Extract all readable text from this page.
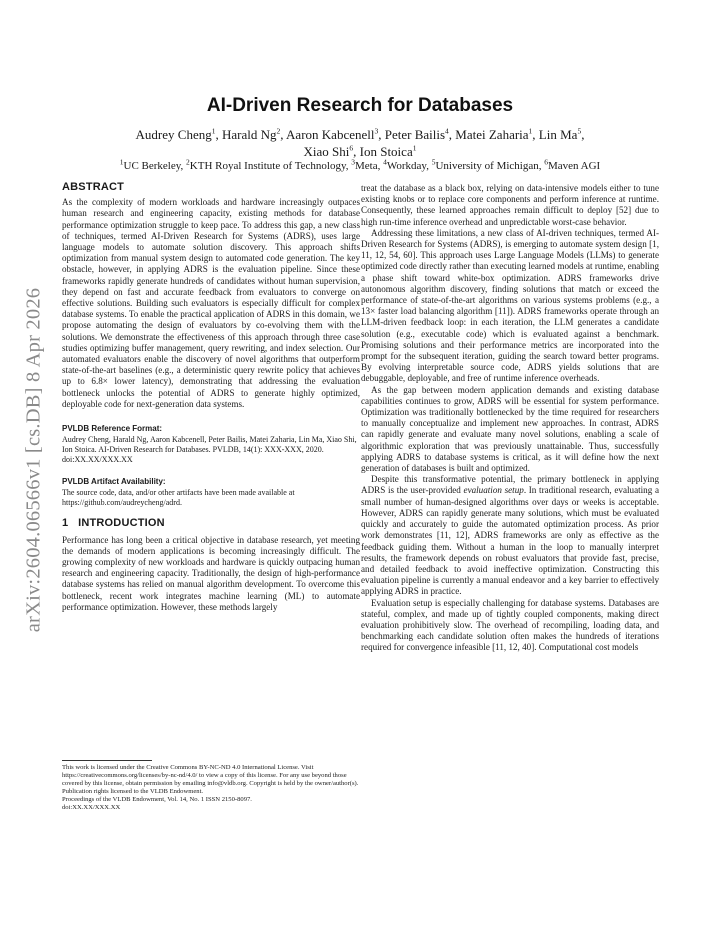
arXiv:2604.06566v1 [cs.DB] 8 Apr 2026
AI-Driven Research for Databases
Audrey Cheng$^1$, Harald Ng$^2$, Aaron Kabcenell$^3$, Peter Bailis$^4$, Matei Zaharia$^1$, Lin Ma$^5$,
Xiao Shi$^6$, Ion Stoica$^1$
$^1$UC Berkeley, $^2$KTH Royal Institute of Technology, $^3$Meta, $^4$Workday, $^5$University of Michigan, $^6$Maven AGI
ABSTRACT

As the complexity of modern workloads and hardware increasingly outpaces human research and engineering capacity, existing methods for database performance optimization struggle to keep pace. To address this gap, a new class of techniques, termed AI-Driven Research for Systems (ADRS), uses large language models to automate solution discovery. This approach shifts optimization from manual system design to automated code generation. The key obstacle, however, in applying ADRS is the evaluation pipeline. Since these frameworks rapidly generate hundreds of candidates without human supervision, they depend on fast and accurate feedback from evaluators to converge on effective solutions. Building such evaluators is especially difficult for complex database systems. To enable the practical application of ADRS in this domain, we propose automating the design of evaluators by co-evolving them with the solutions. We demonstrate the effectiveness of this approach through three case studies optimizing buffer management, query rewriting, and index selection. Our automated evaluators enable the discovery of novel algorithms that outperform state-of-the-art baselines (e.g., a deterministic query rewrite policy that achieves up to 6.8× lower latency), demonstrating that addressing the evaluation bottleneck unlocks the potential of ADRS to generate highly optimized, deployable code for next-generation data systems.

PVLDB Reference Format:
Audrey Cheng, Harald Ng, Aaron Kabcenell, Peter Bailis, Matei Zaharia, Lin Ma, Xiao Shi, Ion Stoica. AI-Driven Research for Databases. PVLDB, 14(1): XXX-XXX, 2020.
doi:XX.XX/XXX.XX
PVLDB Artifact Availability:
The source code, data, and/or other artifacts have been made available at https://github.com/audreycheng/adrd.
1   INTRODUCTION

Performance has long been a critical objective in database research, yet meeting the demands of modern applications is becoming increasingly difficult. The growing complexity of new workloads and hardware is quickly outpacing human research and engineering capacity. Traditionally, the design of high-performance database systems has relied on manual algorithm development. To overcome this bottleneck, recent work integrates machine learning (ML) to automate performance optimization. However, these methods largely

treat the database as a black box, relying on data-intensive models either to tune existing knobs or to replace core components and perform inference at runtime. Consequently, these learned approaches remain difficult to deploy [52] due to high run-time inference overhead and unpredictable worst-case behavior.

Addressing these limitations, a new class of AI-driven techniques, termed AI-Driven Research for Systems (ADRS), is emerging to automate system design [1, 11, 12, 54, 60]. This approach uses Large Language Models (LLMs) to generate optimized code directly rather than executing learned models at runtime, enabling a phase shift toward white-box optimization. ADRS frameworks drive autonomous algorithm discovery, finding solutions that match or exceed the performance of state-of-the-art algorithms on various systems problems (e.g., a 13× faster load balancing algorithm [11]). ADRS frameworks operate through an LLM-driven feedback loop: in each iteration, the LLM generates a candidate solution (e.g., executable code) which is evaluated against a benchmark. Promising solutions and their performance metrics are incorporated into the prompt for the subsequent iteration, guiding the search toward better programs. By evolving interpretable source code, ADRS yields solutions that are debuggable, deployable, and free of runtime inference overheads.

As the gap between modern application demands and existing database capabilities continues to grow, ADRS will be essential for system performance. Optimization was traditionally bottlenecked by the time required for researchers to manually conceptualize and implement new approaches. In contrast, ADRS can rapidly generate and evaluate many novel solutions, enabling a scale of algorithmic exploration that was previously unattainable. Thus, successfully applying ADRS to database systems is critical, as it will define how the next generation of databases is built and optimized.

Despite this transformative potential, the primary bottleneck in applying ADRS is the user-provided evaluation setup. In traditional research, evaluating a small number of human-designed algorithms over days or weeks is acceptable. However, ADRS can rapidly generate many solutions, which must be evaluated quickly and accurately to guide the automated optimization process. As prior work demonstrates [11, 12], ADRS frameworks are only as effective as the feedback guiding them. Without a human in the loop to manually interpret results, the framework depends on robust evaluators that provide fast, precise, and detailed feedback to avoid ineffective optimization. Constructing this evaluation pipeline is currently a manual endeavor and a key barrier to effectively applying ADRS in practice.

Evaluation setup is especially challenging for database systems. Databases are stateful, complex, and made up of tightly coupled components, making direct evaluation prohibitively slow. The overhead of recompiling, loading data, and benchmarking each candidate solution often makes the hundreds of iterations required for convergence infeasible [11, 12, 40]. Computational cost models

This work is licensed under the Creative Commons BY-NC-ND 4.0 International License. Visit https://creativecommons.org/licenses/by-nc-nd/4.0/ to view a copy of this license. For any use beyond those covered by this license, obtain permission by emailing info@vldb.org. Copyright is held by the owner/author(s). Publication rights licensed to the VLDB Endowment.
Proceedings of the VLDB Endowment, Vol. 14, No. 1 ISSN 2150-8097.
doi:XX.XX/XXX.XX
